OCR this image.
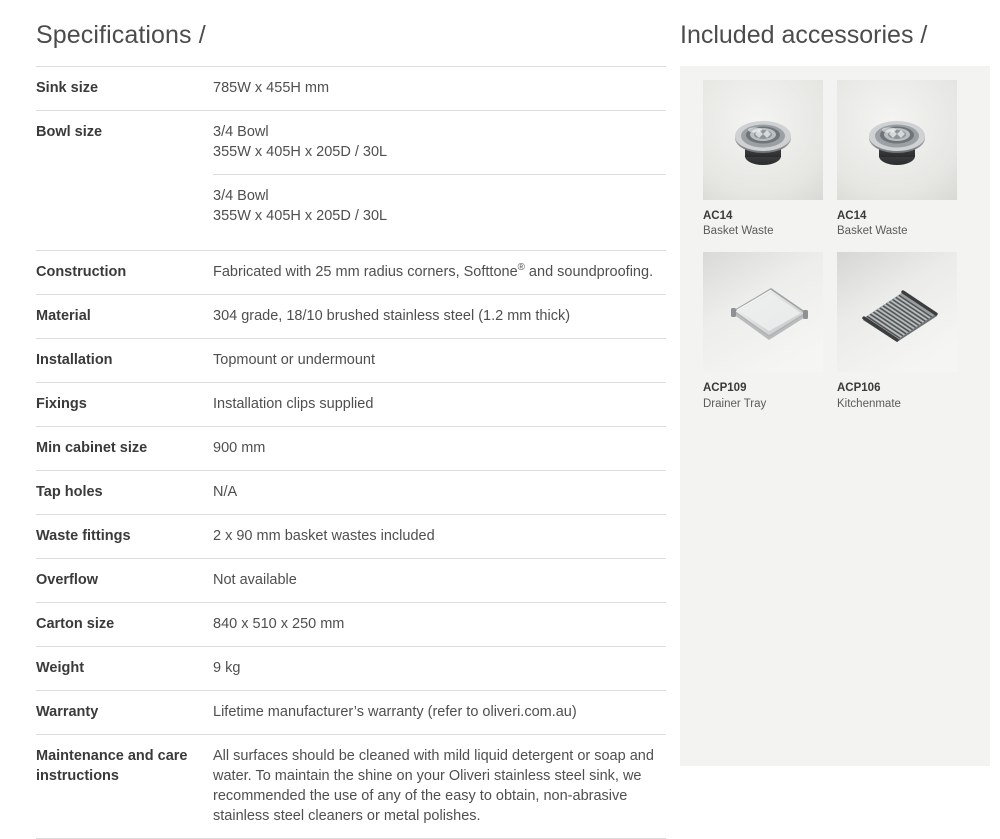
Specifications /
Sink size	785W x 455H mm
Bowl size	3/4 Bowl
355W x 405H x 205D / 30L
3/4 Bowl
355W x 405H x 205D / 30L

Construction	Fabricated with 25 mm radius corners, Softtone® and soundproofing.
Material	304 grade, 18/10 brushed stainless steel (1.2 mm thick)
Installation	Topmount or undermount
Fixings	Installation clips supplied
Min cabinet size	900 mm
Tap holes	N/A
Waste fittings	2 x 90 mm basket wastes included
Overflow	Not available
Carton size	840 x 510 x 250 mm
Weight	9 kg
Warranty	Lifetime manufacturer’s warranty (refer to oliveri.com.au)
Maintenance and care instructions	All surfaces should be cleaned with mild liquid detergent or soap and water. To maintain the shine on your Oliveri stainless steel sink, we recommended the use of any of the easy to obtain, non-abrasive stainless steel cleaners or metal polishes.
Included accessories /
AC14
Basket Waste
AC14
Basket Waste
ACP109
Drainer Tray
ACP106
Kitchenmate
